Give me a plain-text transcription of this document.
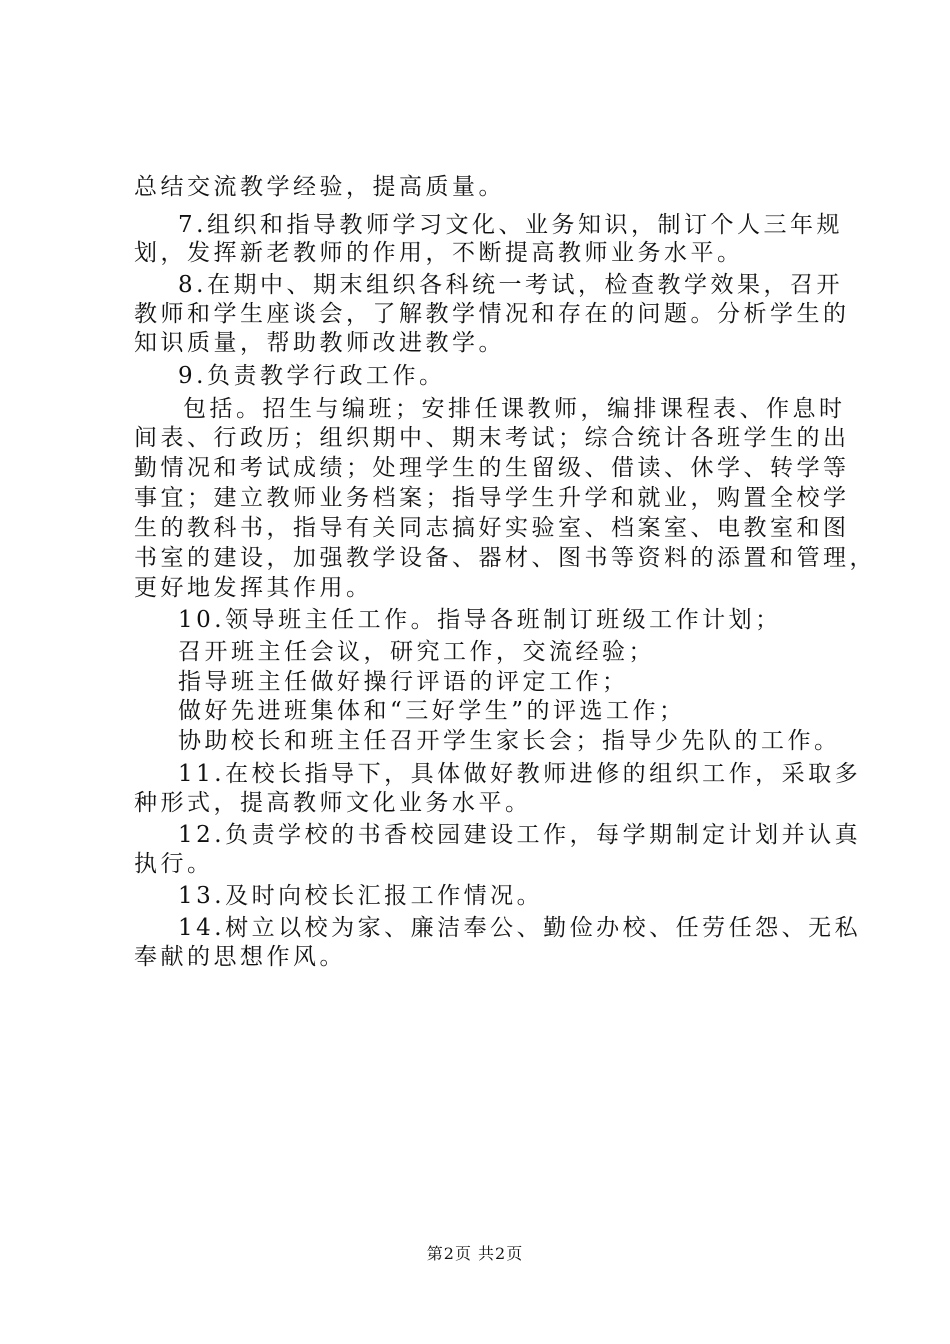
总结交流教学经验，提高质量。
7.组织和指导教师学习文化、业务知识，制订个人三年规
划，发挥新老教师的作用，不断提高教师业务水平。
8.在期中、期末组织各科统一考试，检查教学效果，召开
教师和学生座谈会，了解教学情况和存在的问题。分析学生的
知识质量，帮助教师改进教学。
9.负责教学行政工作。
包括。招生与编班；安排任课教师，编排课程表、作息时
间表、行政历；组织期中、期末考试；综合统计各班学生的出
勤情况和考试成绩；处理学生的生留级、借读、休学、转学等
事宜；建立教师业务档案；指导学生升学和就业，购置全校学
生的教科书，指导有关同志搞好实验室、档案室、电教室和图
书室的建设，加强教学设备、器材、图书等资料的添置和管理，
更好地发挥其作用。
10.领导班主任工作。指导各班制订班级工作计划；
召开班主任会议，研究工作，交流经验；
指导班主任做好操行评语的评定工作；
做好先进班集体和“三好学生”的评选工作；
协助校长和班主任召开学生家长会；指导少先队的工作。
11.在校长指导下，具体做好教师进修的组织工作，采取多
种形式，提高教师文化业务水平。
12.负责学校的书香校园建设工作，每学期制定计划并认真
执行。
13.及时向校长汇报工作情况。
14.树立以校为家、廉洁奉公、勤俭办校、任劳任怨、无私
奉献的思想作风。
第2页 共2页
